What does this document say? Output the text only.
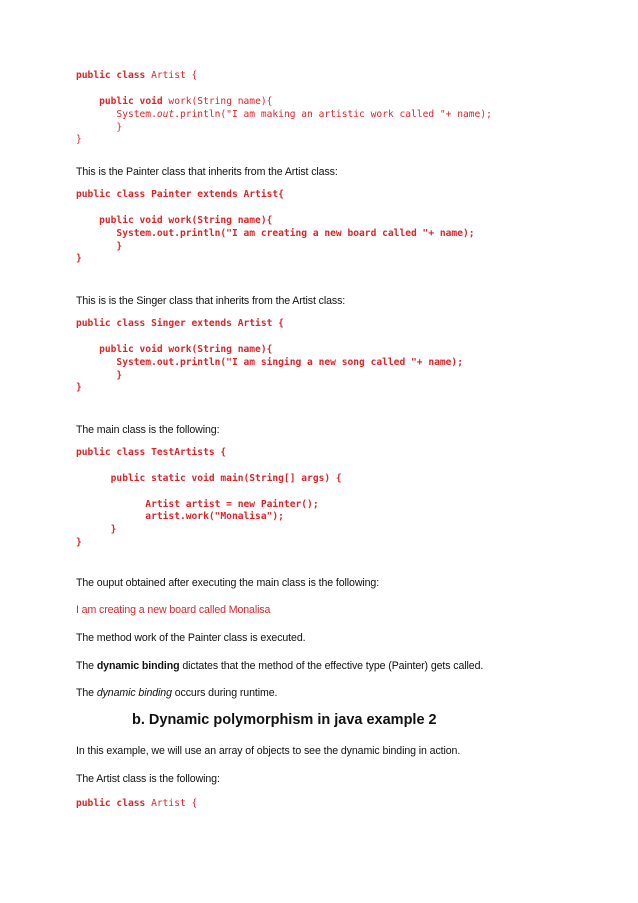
public class Artist {
public void work(String name){
System.out.println("I am making an artistic work called "+ name);
}
}

This is the Painter class that inherits from the Artist class:

public class Painter extends Artist{
public void work(String name){
System.out.println("I am creating a new board called "+ name);
}
}

This is is the Singer class that inherits from the Artist class:

public class Singer extends Artist {
public void work(String name){
System.out.println("I am singing a new song called "+ name);
}
}

The main class is the following:

public class TestArtists {
public static void main(String[] args) {
Artist artist = new Painter();
artist.work("Monalisa");
}
}

The ouput obtained after executing the main class is the following:

I am creating a new board called Monalisa

The method work of the Painter class is executed.

The dynamic binding dictates that the method of the effective type (Painter) gets called.

The dynamic binding occurs during runtime.

b. Dynamic polymorphism in java example 2

In this example, we will use an array of objects to see the dynamic binding in action.

The Artist class is the following:

public class Artist {
